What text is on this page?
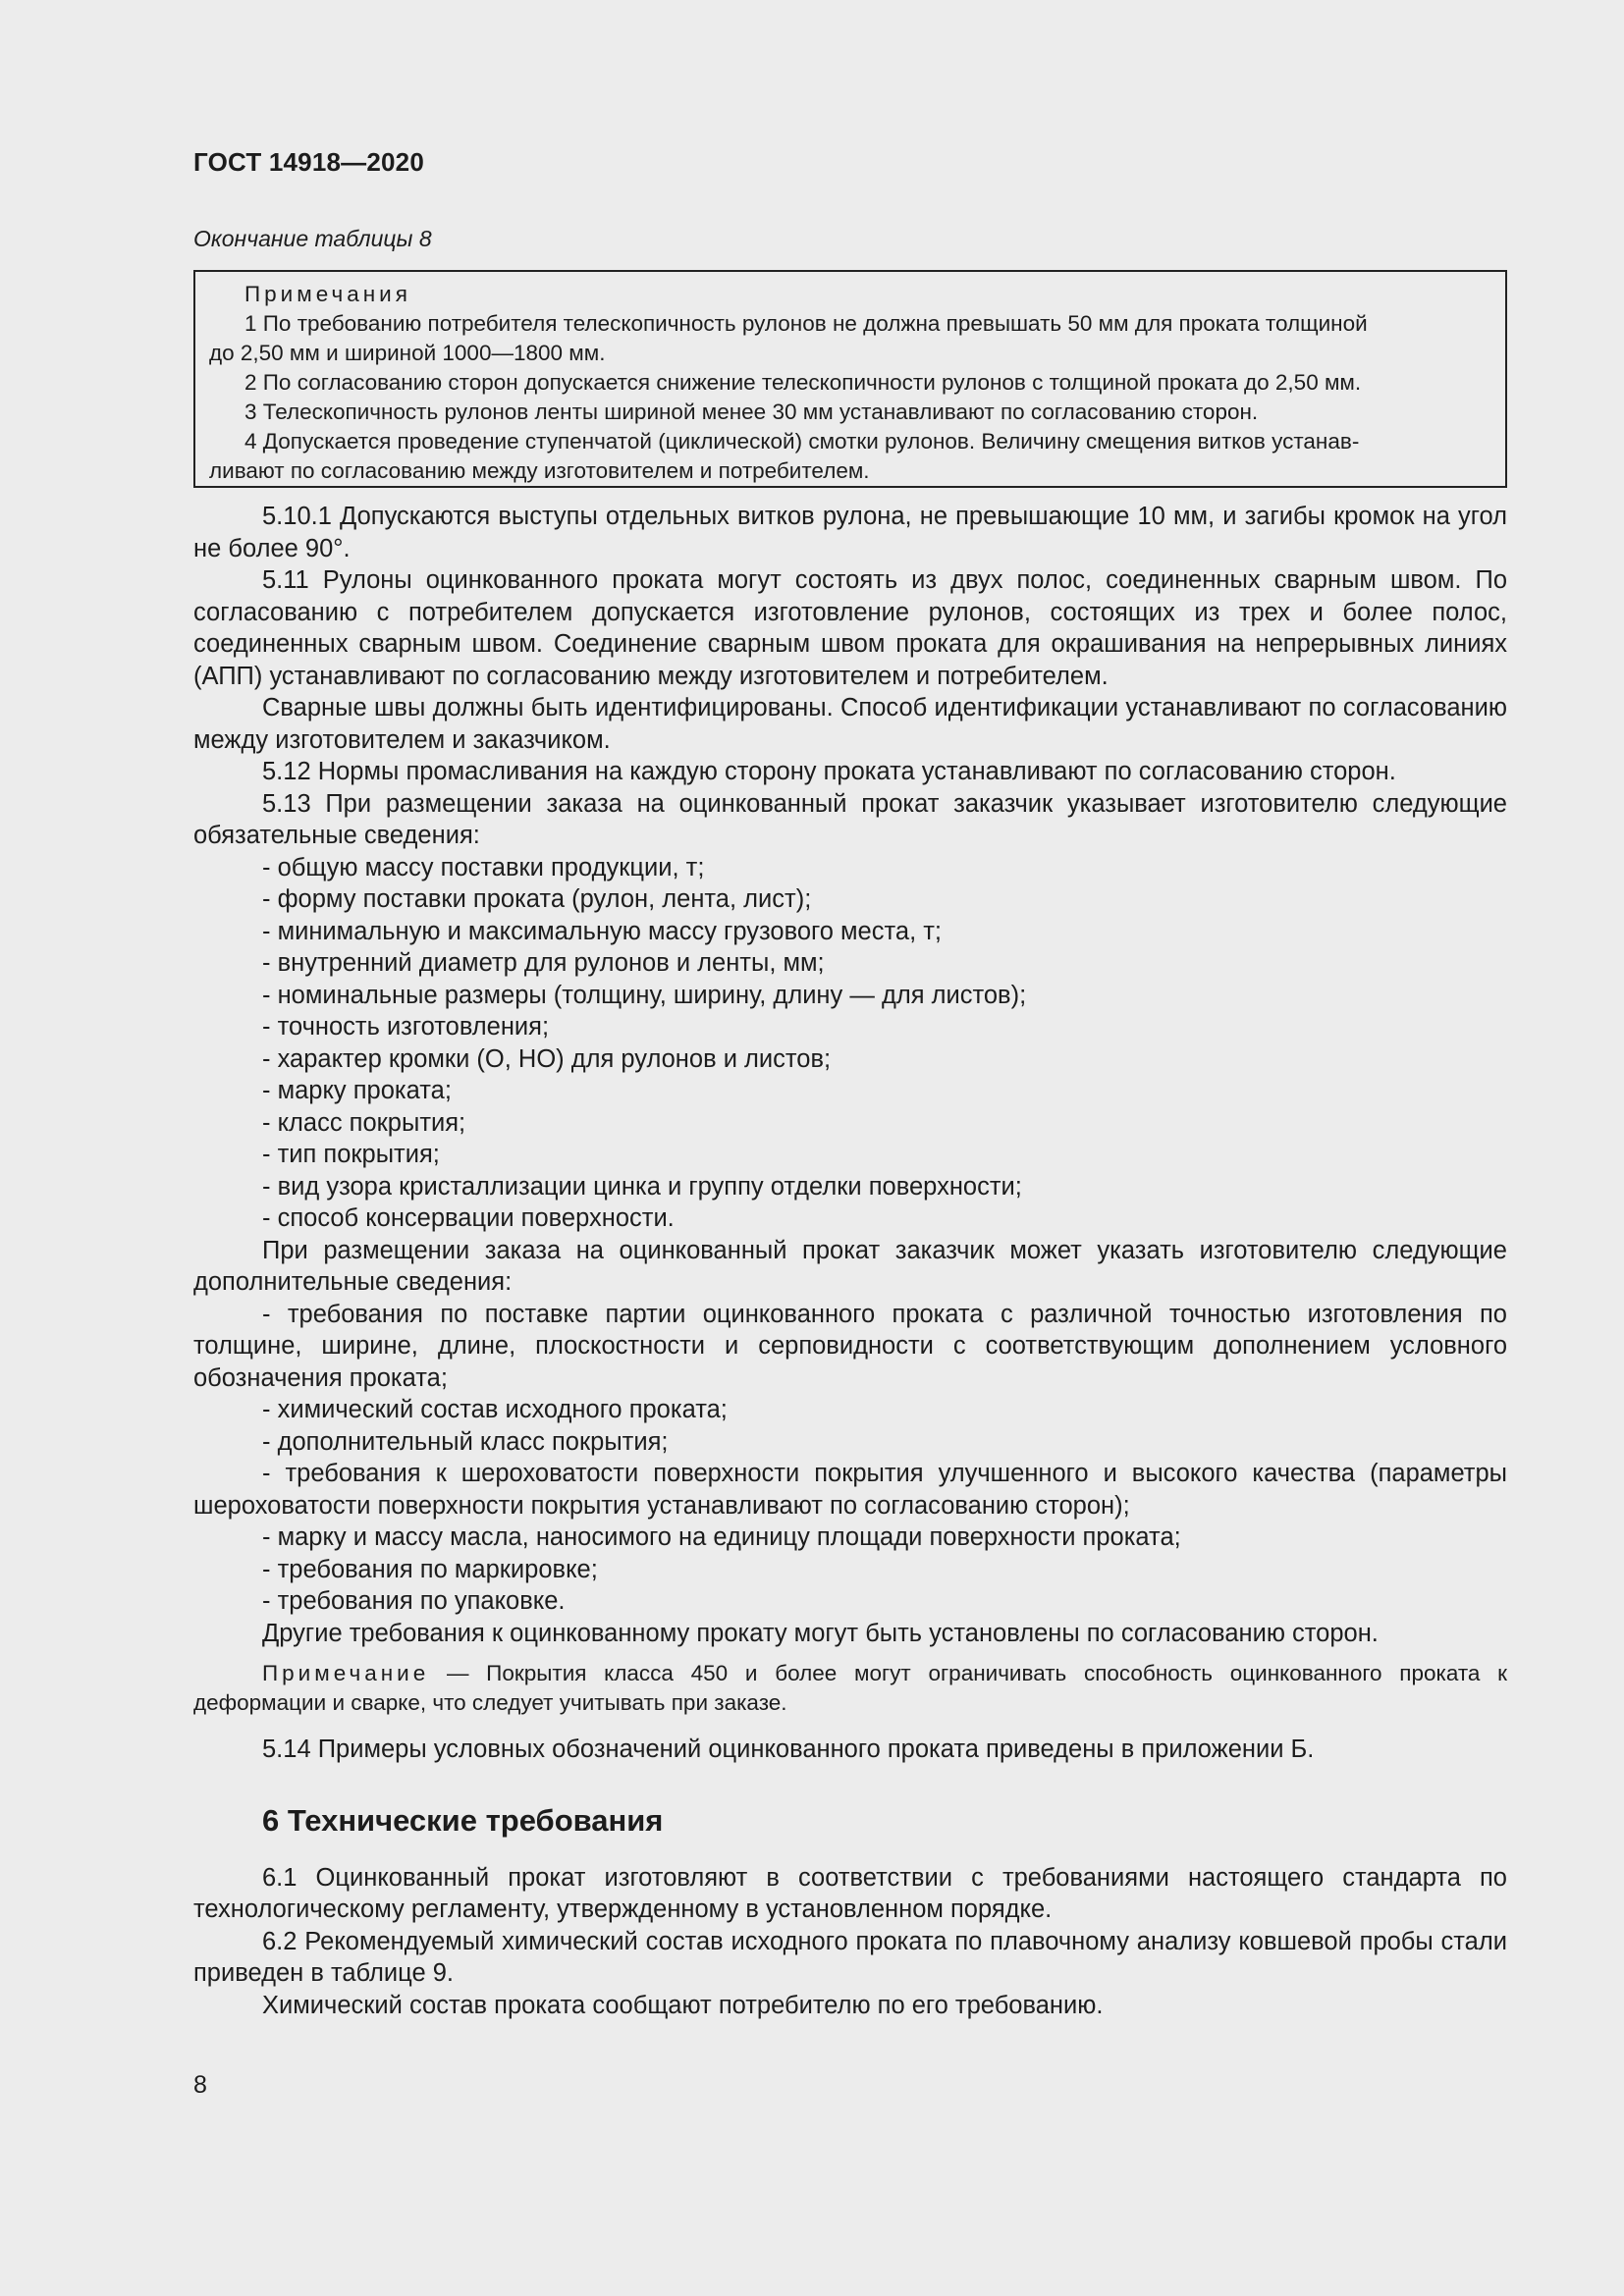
ГОСТ 14918—2020
Окончание таблицы 8
Примечания
1 По требованию потребителя телескопичность рулонов не должна превышать 50 мм для проката толщиной
до 2,50 мм и шириной 1000—1800 мм.
2 По согласованию сторон допускается снижение телескопичности рулонов с толщиной проката до 2,50 мм.
3 Телескопичность рулонов ленты шириной менее 30 мм устанавливают по согласованию сторон.
4 Допускается проведение ступенчатой (циклической) смотки рулонов. Величину смещения витков устанав-
ливают по согласованию между изготовителем и потребителем.

5.10.1 Допускаются выступы отдельных витков рулона, не превышающие 10 мм, и загибы кромок на угол не более 90°.

5.11 Рулоны оцинкованного проката могут состоять из двух полос, соединенных сварным швом. По согласованию с потребителем допускается изготовление рулонов, состоящих из трех и более полос, соединенных сварным швом. Соединение сварным швом проката для окрашивания на непрерывных линиях (АПП) устанавливают по согласованию между изготовителем и потребителем.

Сварные швы должны быть идентифицированы. Способ идентификации устанавливают по согласованию между изготовителем и заказчиком.

5.12 Нормы промасливания на каждую сторону проката устанавливают по согласованию сторон.

5.13 При размещении заказа на оцинкованный прокат заказчик указывает изготовителю следующие обязательные сведения:

- общую массу поставки продукции, т;

- форму поставки проката (рулон, лента, лист);

- минимальную и максимальную массу грузового места, т;

- внутренний диаметр для рулонов и ленты, мм;

- номинальные размеры (толщину, ширину, длину — для листов);

- точность изготовления;

- характер кромки (О, НО) для рулонов и листов;

- марку проката;

- класс покрытия;

- тип покрытия;

- вид узора кристаллизации цинка и группу отделки поверхности;

- способ консервации поверхности.

При размещении заказа на оцинкованный прокат заказчик может указать изготовителю следующие дополнительные сведения:

- требования по поставке партии оцинкованного проката с различной точностью изготовления по толщине, ширине, длине, плоскостности и серповидности с соответствующим дополнением условного обозначения проката;

- химический состав исходного проката;

- дополнительный класс покрытия;

- требования к шероховатости поверхности покрытия улучшенного и высокого качества (параметры шероховатости поверхности покрытия устанавливают по согласованию сторон);

- марку и массу масла, наносимого на единицу площади поверхности проката;

- требования по маркировке;

- требования по упаковке.

Другие требования к оцинкованному прокату могут быть установлены по согласованию сторон.

Примечание — Покрытия класса 450 и более могут ограничивать способность оцинкованного проката к деформации и сварке, что следует учитывать при заказе.

5.14 Примеры условных обозначений оцинкованного проката приведены в приложении Б.

6 Технические требования

6.1 Оцинкованный прокат изготовляют в соответствии с требованиями настоящего стандарта по технологическому регламенту, утвержденному в установленном порядке.

6.2 Рекомендуемый химический состав исходного проката по плавочному анализу ковшевой пробы стали приведен в таблице 9.

Химический состав проката сообщают потребителю по его требованию.

8
